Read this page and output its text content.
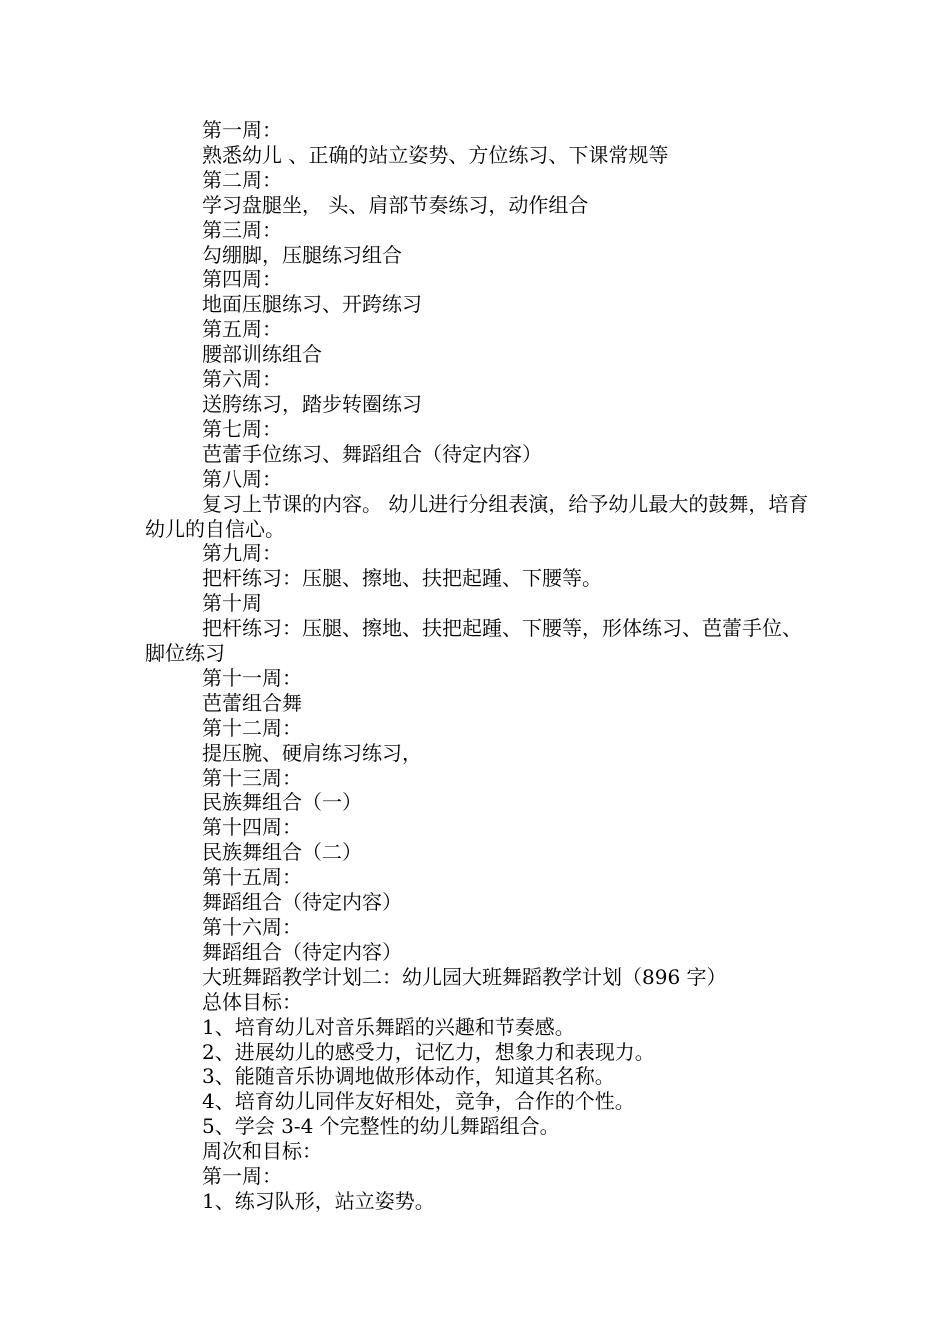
第一周：

熟悉幼儿 、正确的站立姿势、方位练习、下课常规等

第二周：

学习盘腿坐， 头、肩部节奏练习，动作组合

第三周：

勾绷脚，压腿练习组合

第四周：

地面压腿练习、开跨练习

第五周：

腰部训练组合

第六周：

送胯练习，踏步转圈练习

第七周：

芭蕾手位练习、舞蹈组合（待定内容）

第八周：

复习上节课的内容。 幼儿进行分组表演，给予幼儿最大的鼓舞，培育幼儿的自信心。

第九周：

把杆练习：压腿、擦地、扶把起踵、下腰等。

第十周

把杆练习：压腿、擦地、扶把起踵、下腰等，形体练习、芭蕾手位、脚位练习

第十一周：

芭蕾组合舞

第十二周：

提压腕、硬肩练习练习，

第十三周：

民族舞组合（一）

第十四周：

民族舞组合（二）

第十五周：

舞蹈组合（待定内容）

第十六周：

舞蹈组合（待定内容）

大班舞蹈教学计划二：幼儿园大班舞蹈教学计划（896 字）

总体目标：

1、培育幼儿对音乐舞蹈的兴趣和节奏感。

2、进展幼儿的感受力，记忆力，想象力和表现力。

3、能随音乐协调地做形体动作，知道其名称。

4、培育幼儿同伴友好相处，竞争，合作的个性。

5、学会 3-4 个完整性的幼儿舞蹈组合。

周次和目标：

第一周：

1、练习队形，站立姿势。
